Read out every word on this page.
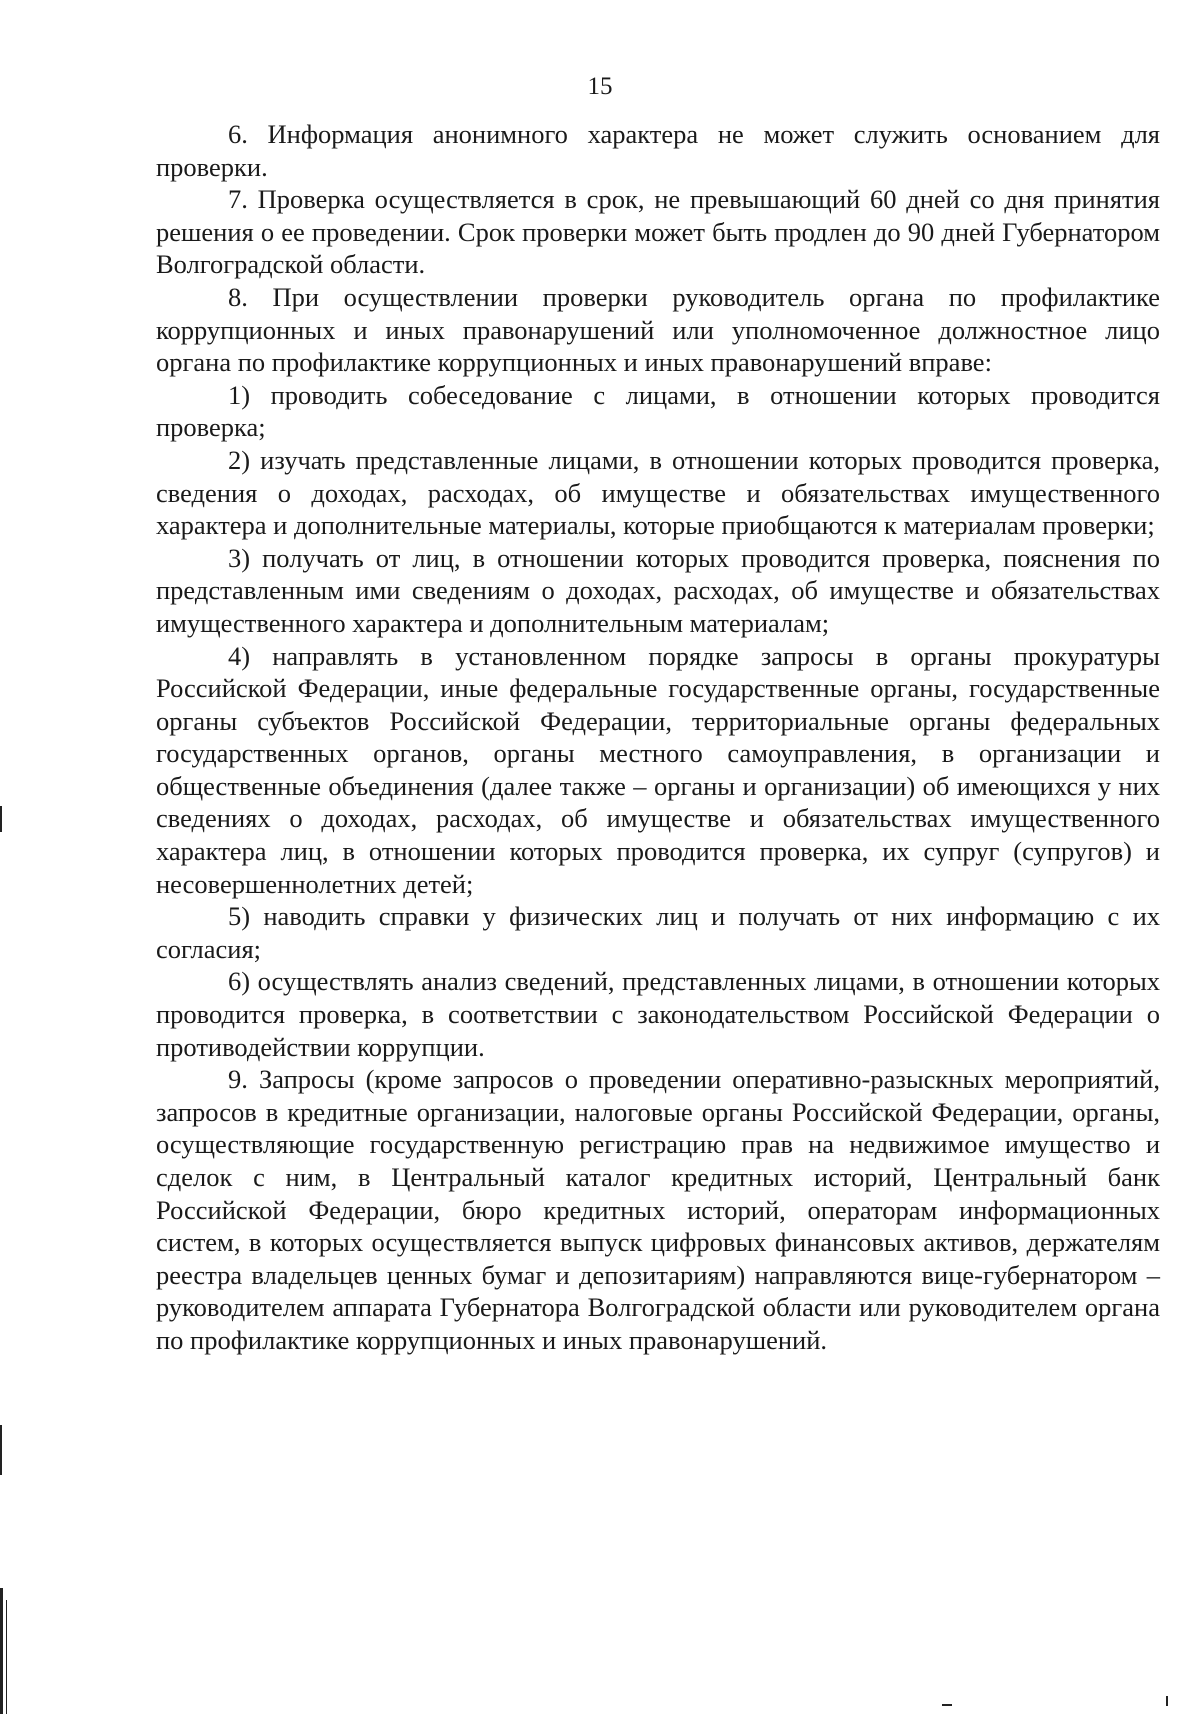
15

6. Информация анонимного характера не может служить основанием для проверки.

7. Проверка осуществляется в срок, не превышающий 60 дней со дня принятия решения о ее проведении. Срок проверки может быть продлен до 90 дней Губернатором Волгоградской области.

8. При осуществлении проверки руководитель органа по профилактике коррупционных и иных правонарушений или уполномоченное должностное лицо органа по профилактике коррупционных и иных правонарушений вправе:

1) проводить собеседование с лицами, в отношении которых проводится проверка;

2) изучать представленные лицами, в отношении которых проводится проверка, сведения о доходах, расходах, об имуществе и обязательствах имущественного характера и дополнительные материалы, которые приобщаются к материалам проверки;

3) получать от лиц, в отношении которых проводится проверка, пояснения по представленным ими сведениям о доходах, расходах, об имуществе и обязательствах имущественного характера и дополнительным материалам;

4) направлять в установленном порядке запросы в органы прокуратуры Российской Федерации, иные федеральные государственные органы, государственные органы субъектов Российской Федерации, территориальные органы федеральных государственных органов, органы местного самоуправления, в организации и общественные объединения (далее также – органы и организации) об имеющихся у них сведениях о доходах, расходах, об имуществе и обязательствах имущественного характера лиц, в отношении которых проводится проверка, их супруг (супругов) и несовершеннолетних детей;

5) наводить справки у физических лиц и получать от них информацию с их согласия;

6) осуществлять анализ сведений, представленных лицами, в отношении которых проводится проверка, в соответствии с законодательством Российской Федерации о противодействии коррупции.

9. Запросы (кроме запросов о проведении оперативно-разыскных мероприятий, запросов в кредитные организации, налоговые органы Российской Федерации, органы, осуществляющие государственную регистрацию прав на недвижимое имущество и сделок с ним, в Центральный каталог кредитных историй, Центральный банк Российской Федерации, бюро кредитных историй, операторам информационных систем, в которых осуществляется выпуск цифровых финансовых активов, держателям реестра владельцев ценных бумаг и депозитариям) направляются вице-губернатором – руководителем аппарата Губернатора Волгоградской области или руководителем органа по профилактике коррупционных и иных правонарушений.
